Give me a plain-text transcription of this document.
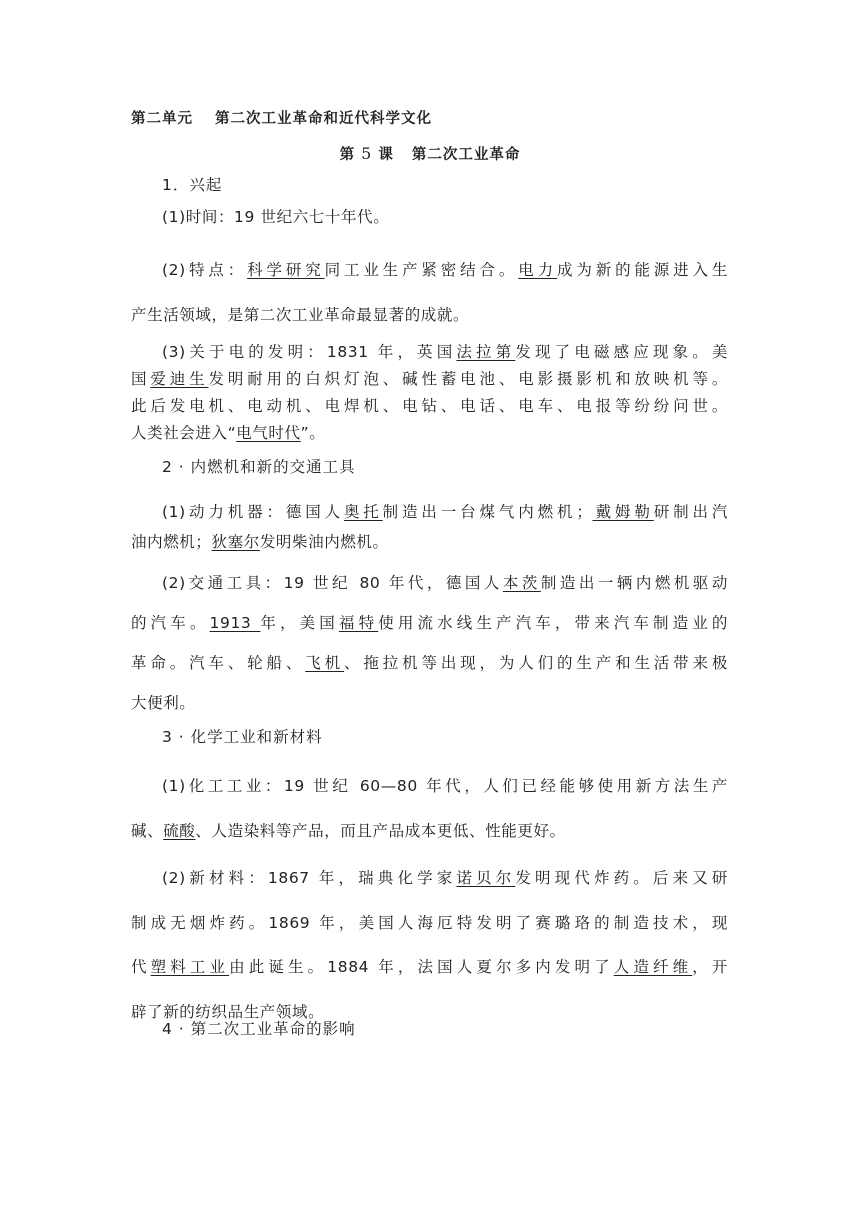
第二单元 第二次工业革命和近代科学文化
第 5 课 第二次工业革命
1．兴起
(1)时间：19 世纪六七十年代。
(2)特点：科学研究同工业生产紧密结合。电力成为新的能源进入生
产生活领域，是第二次工业革命最显著的成就。
(3)关于电的发明：1831 年，英国法拉第发现了电磁感应现象。美
国爱迪生发明耐用的白炽灯泡、碱性蓄电池、电影摄影机和放映机等。
此后发电机、电动机、电焊机、电钻、电话、电车、电报等纷纷问世。
人类社会进入“电气时代”。
2 · 内燃机和新的交通工具
(1)动力机器：德国人奥托制造出一台煤气内燃机；戴姆勒研制出汽
油内燃机；狄塞尔发明柴油内燃机。
(2)交通工具：19 世纪 80 年代，德国人本茨制造出一辆内燃机驱动
的汽车。1913 年，美国福特使用流水线生产汽车，带来汽车制造业的
革命。汽车、轮船、飞机、拖拉机等出现，为人们的生产和生活带来极
大便利。
3 · 化学工业和新材料
(1)化工工业：19 世纪 60—80 年代，人们已经能够使用新方法生产
碱、硫酸、人造染料等产品，而且产品成本更低、性能更好。
(2)新材料：1867 年，瑞典化学家诺贝尔发明现代炸药。后来又研
制成无烟炸药。1869 年，美国人海厄特发明了赛璐珞的制造技术，现
代塑料工业由此诞生。1884 年，法国人夏尔多内发明了人造纤维，开
辟了新的纺织品生产领域。
4 · 第二次工业革命的影响
